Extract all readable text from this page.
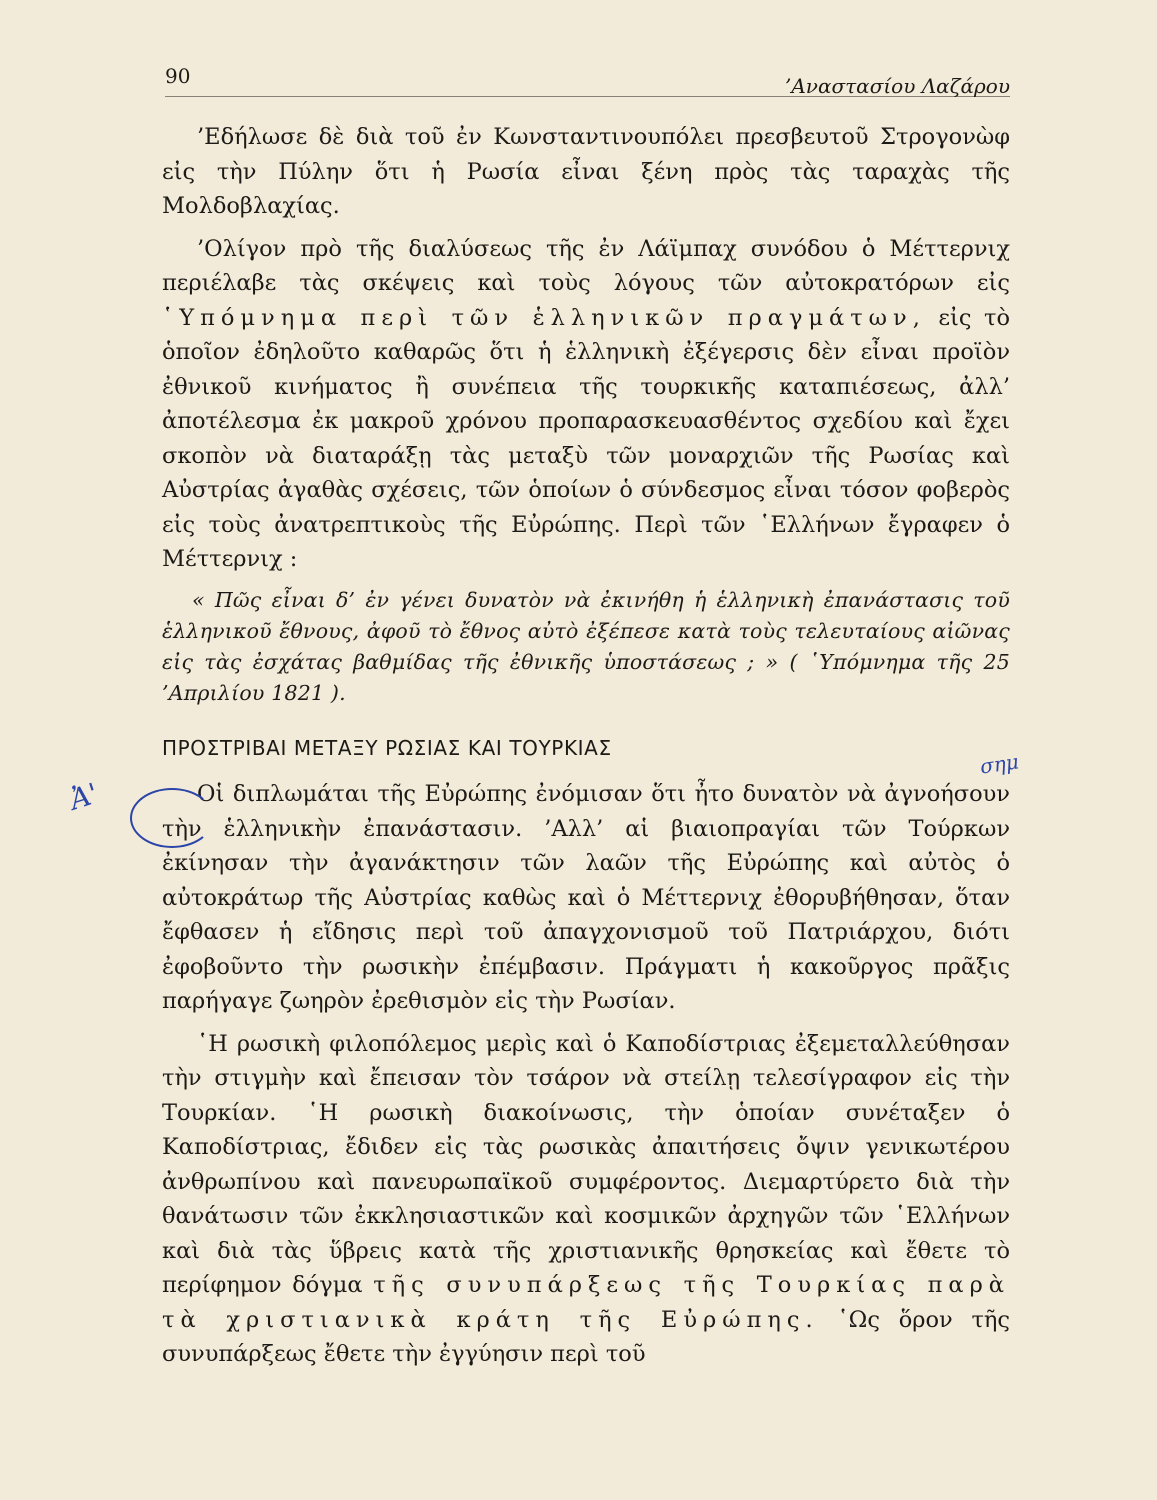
90	’Αναστασίου Λαζάρου

’Εδήλωσε δὲ διὰ τοῦ ἐν Κωνσταντινουπόλει πρεσβευτοῦ Στρογονὼφ εἰς τὴν Πύλην ὅτι ἡ Ρωσία εἶναι ξένη πρὸς τὰς ταραχὰς τῆς Μολδοβλαχίας.

’Ολίγον πρὸ τῆς διαλύσεως τῆς ἐν Λάϊμπαχ συνόδου ὁ Μέττερνιχ περιέλαβε τὰς σκέψεις καὶ τοὺς λόγους τῶν αὐτοκρατόρων εἰς ῾Υπόμνημα περὶ τῶν ἑλληνικῶν πραγμάτων, εἰς τὸ ὁποῖον ἐδηλοῦτο καθαρῶς ὅτι ἡ ἑλληνικὴ ἐξέγερσις δὲν εἶναι προϊὸν ἐθνικοῦ κινήματος ἢ συνέπεια τῆς τουρκικῆς καταπιέσεως, ἀλλ’ ἀποτέλεσμα ἐκ μακροῦ χρόνου προπαρασκευασθέντος σχεδίου καὶ ἔχει σκοπὸν νὰ διαταράξῃ τὰς μεταξὺ τῶν μοναρχιῶν τῆς Ρωσίας καὶ Αὐστρίας ἀγαθὰς σχέσεις, τῶν ὁποίων ὁ σύνδεσμος εἶναι τόσον φοβερὸς εἰς τοὺς ἀνατρεπτικοὺς τῆς Εὐρώπης. Περὶ τῶν ῾Ελλήνων ἔγραφεν ὁ Μέττερνιχ :

« Πῶς εἶναι δ’ ἐν γένει δυνατὸν νὰ ἐκινήθη ἡ ἑλληνικὴ ἐπανάστασις τοῦ ἑλληνικοῦ ἔθνους, ἀφοῦ τὸ ἔθνος αὐτὸ ἐξέπεσε κατὰ τοὺς τελευταίους αἰῶνας εἰς τὰς ἐσχάτας βαθμίδας τῆς ἐθνικῆς ὑποστάσεως ; » ( ῾Υπόμνημα τῆς 25 ’Απριλίου 1821 ).

ΠΡΟΣΤΡΙΒΑΙ ΜΕΤΑΞΥ ΡΩΣΙΑΣ ΚΑΙ ΤΟΥΡΚΙΑΣ

Οἱ διπλωμάται τῆς Εὐρώπης ἐνόμισαν ὅτι ἦτο δυνατὸν νὰ ἀγνοήσουν τὴν ἑλληνικὴν ἐπανάστασιν. ’Αλλ’ αἱ βιαιοπραγίαι τῶν Τούρκων ἐκίνησαν τὴν ἀγανάκτησιν τῶν λαῶν τῆς Εὐρώπης καὶ αὐτὸς ὁ αὐτοκράτωρ τῆς Αὐστρίας καθὼς καὶ ὁ Μέττερνιχ ἐθορυβήθησαν, ὅταν ἔφθασεν ἡ εἴδησις περὶ τοῦ ἀπαγχονισμοῦ τοῦ Πατριάρχου, διότι ἐφοβοῦντο τὴν ρωσικὴν ἐπέμβασιν. Πράγματι ἡ κακοῦργος πρᾶξις παρήγαγε ζωηρὸν ἐρεθισμὸν εἰς τὴν Ρωσίαν.

῾Η ρωσικὴ φιλοπόλεμος μερὶς καὶ ὁ Καποδίστριας ἐξεμεταλλεύθησαν τὴν στιγμὴν καὶ ἔπεισαν τὸν τσάρον νὰ στείλῃ τελεσίγραφον εἰς τὴν Τουρκίαν. ῾Η ρωσικὴ διακοίνωσις, τὴν ὁποίαν συνέταξεν ὁ Καποδίστριας, ἔδιδεν εἰς τὰς ρωσικὰς ἀπαιτήσεις ὄψιν γενικωτέρου ἀνθρωπίνου καὶ πανευρωπαϊκοῦ συμφέροντος. Διεμαρτύρετο διὰ τὴν θανάτωσιν τῶν ἐκκλησιαστικῶν καὶ κοσμικῶν ἀρχηγῶν τῶν ῾Ελλήνων καὶ διὰ τὰς ὕβρεις κατὰ τῆς χριστιανικῆς θρησκείας καὶ ἔθετε τὸ περίφημον δόγμα τῆς συνυπάρξεως τῆς Τουρκίας παρὰ τὰ χριστιανικὰ κράτη τῆς Εὐρώπης. ῾Ως ὅρον τῆς συνυπάρξεως ἔθετε τὴν ἐγγύησιν περὶ τοῦ

Ἀ'
σημ
